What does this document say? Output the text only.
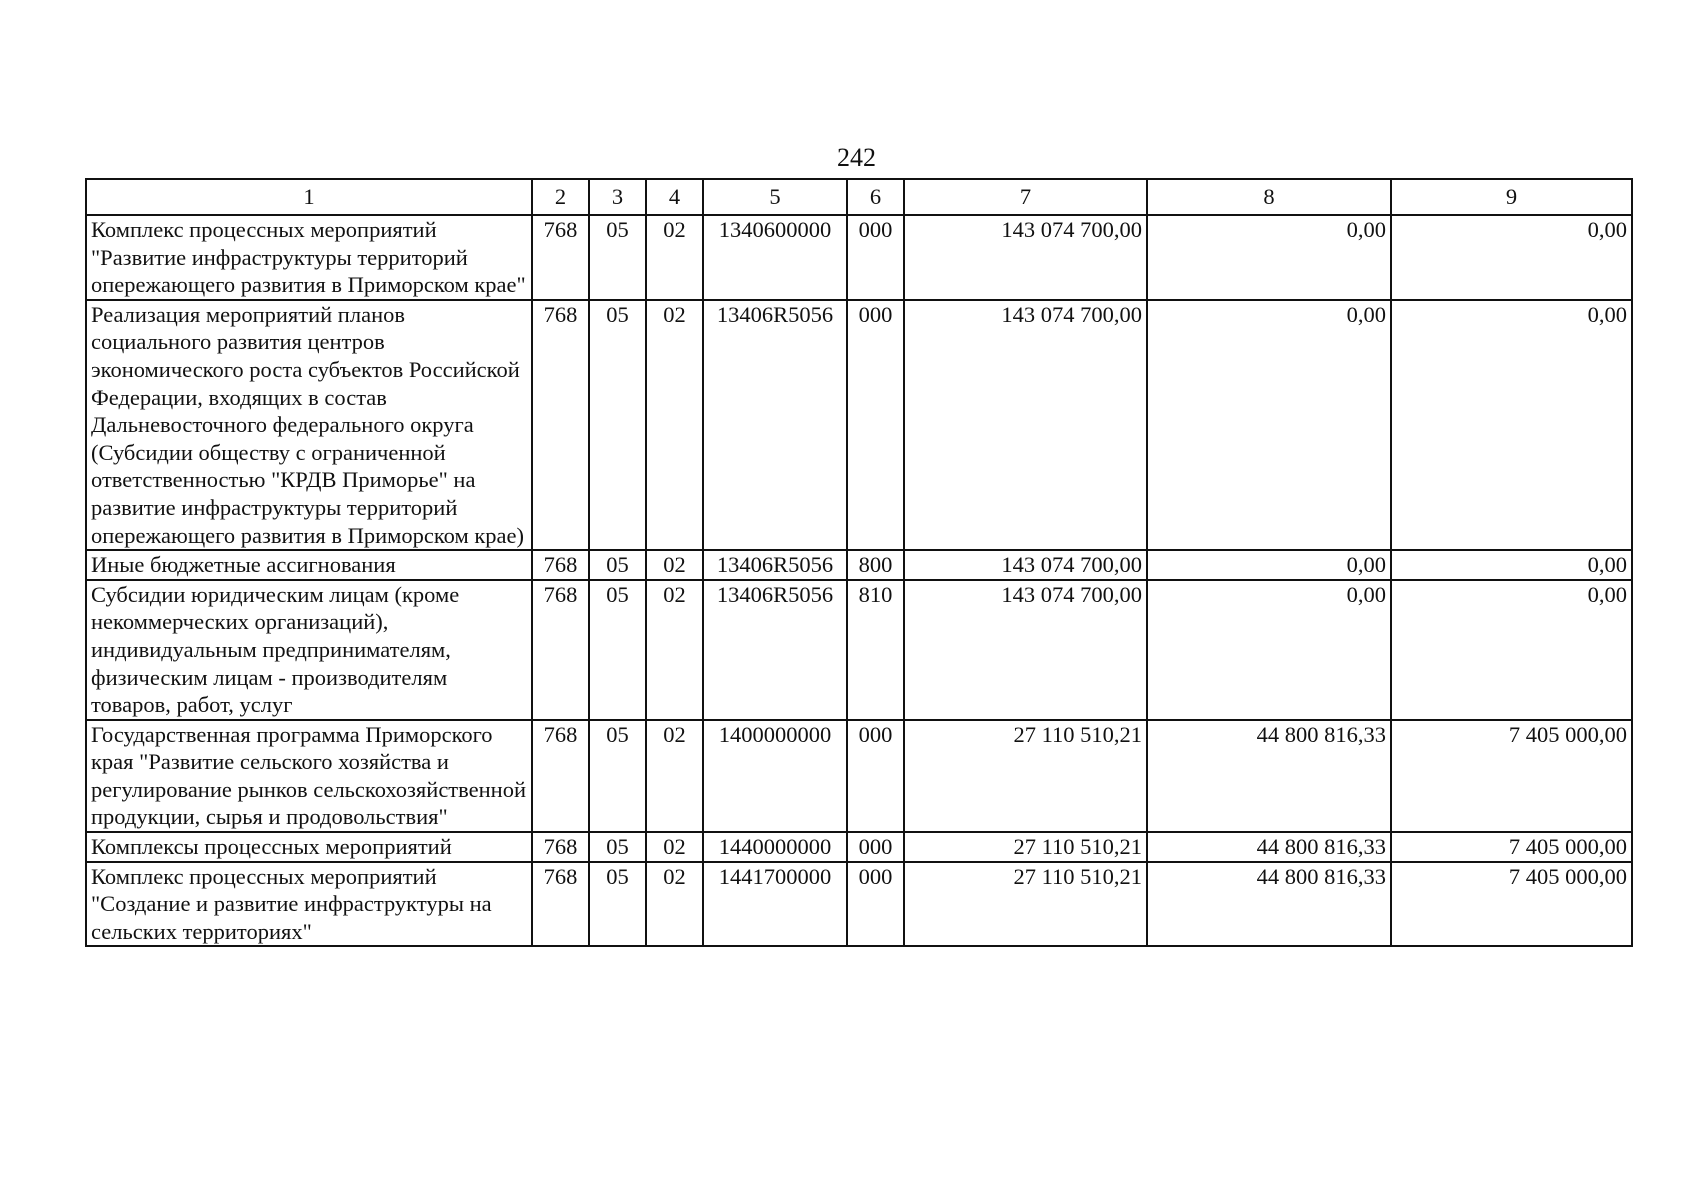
242
1	2	3	4	5	6	7	8	9
Комплекс процессных мероприятий "Развитие инфраструктуры территорий опережающего развития в Приморском крае"	768	05	02	1340600000	000	143 074 700,00	0,00	0,00
Реализация мероприятий планов социального развития центров экономического роста субъектов Российской Федерации, входящих в состав Дальневосточного федерального округа (Субсидии обществу с ограниченной ответственностью "КРДВ Приморье" на развитие инфраструктуры территорий опережающего развития в Приморском крае)	768	05	02	13406R5056	000	143 074 700,00	0,00	0,00
Иные бюджетные ассигнования	768	05	02	13406R5056	800	143 074 700,00	0,00	0,00
Субсидии юридическим лицам (кроме некоммерческих организаций), индивидуальным предпринимателям, физическим лицам - производителям товаров, работ, услуг	768	05	02	13406R5056	810	143 074 700,00	0,00	0,00
Государственная программа Приморского края "Развитие сельского хозяйства и регулирование рынков сельскохозяйственной продукции, сырья и продовольствия"	768	05	02	1400000000	000	27 110 510,21	44 800 816,33	7 405 000,00
Комплексы процессных мероприятий	768	05	02	1440000000	000	27 110 510,21	44 800 816,33	7 405 000,00
Комплекс процессных мероприятий "Создание и развитие инфраструктуры на сельских территориях"	768	05	02	1441700000	000	27 110 510,21	44 800 816,33	7 405 000,00
